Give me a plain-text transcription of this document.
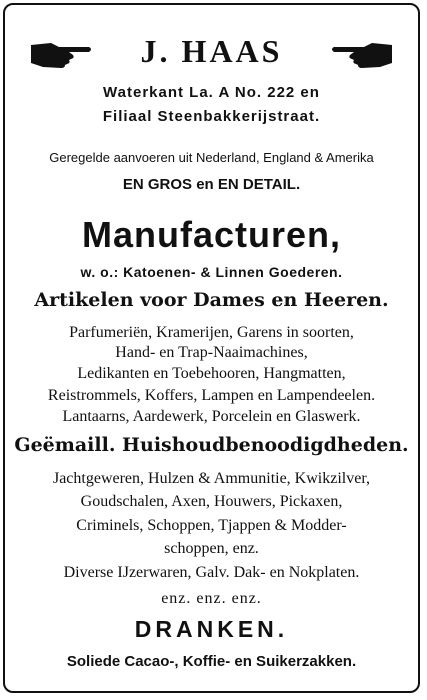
J. HAAS
Waterkant La. A No. 222 en
Filiaal Steenbakkerijstraat.
Geregelde aanvoeren uit Nederland, England & Amerika
EN GROS en EN DETAIL.
Manufacturen,
w. o.: Katoenen- & Linnen Goederen.
Artikelen voor Dames en Heeren.
Parfumeriën, Kramerijen, Garens in soorten,
Hand- en Trap-Naaimachines,
Ledikanten en Toebehooren, Hangmatten,
Reistrommels, Koffers, Lampen en Lampendeelen.
Lantaarns, Aardewerk, Porcelein en Glaswerk.
Geëmaill. Huishoudbenoodigdheden.
Jachtgeweren, Hulzen & Ammunitie, Kwikzilver,
Goudschalen, Axen, Houwers, Pickaxen,
Criminels, Schoppen, Tjappen & Modder-
schoppen, enz.
Diverse IJzerwaren, Galv. Dak- en Nokplaten.
enz. enz. enz.
DRANKEN.
Soliede Cacao-, Koffie- en Suikerzakken.
